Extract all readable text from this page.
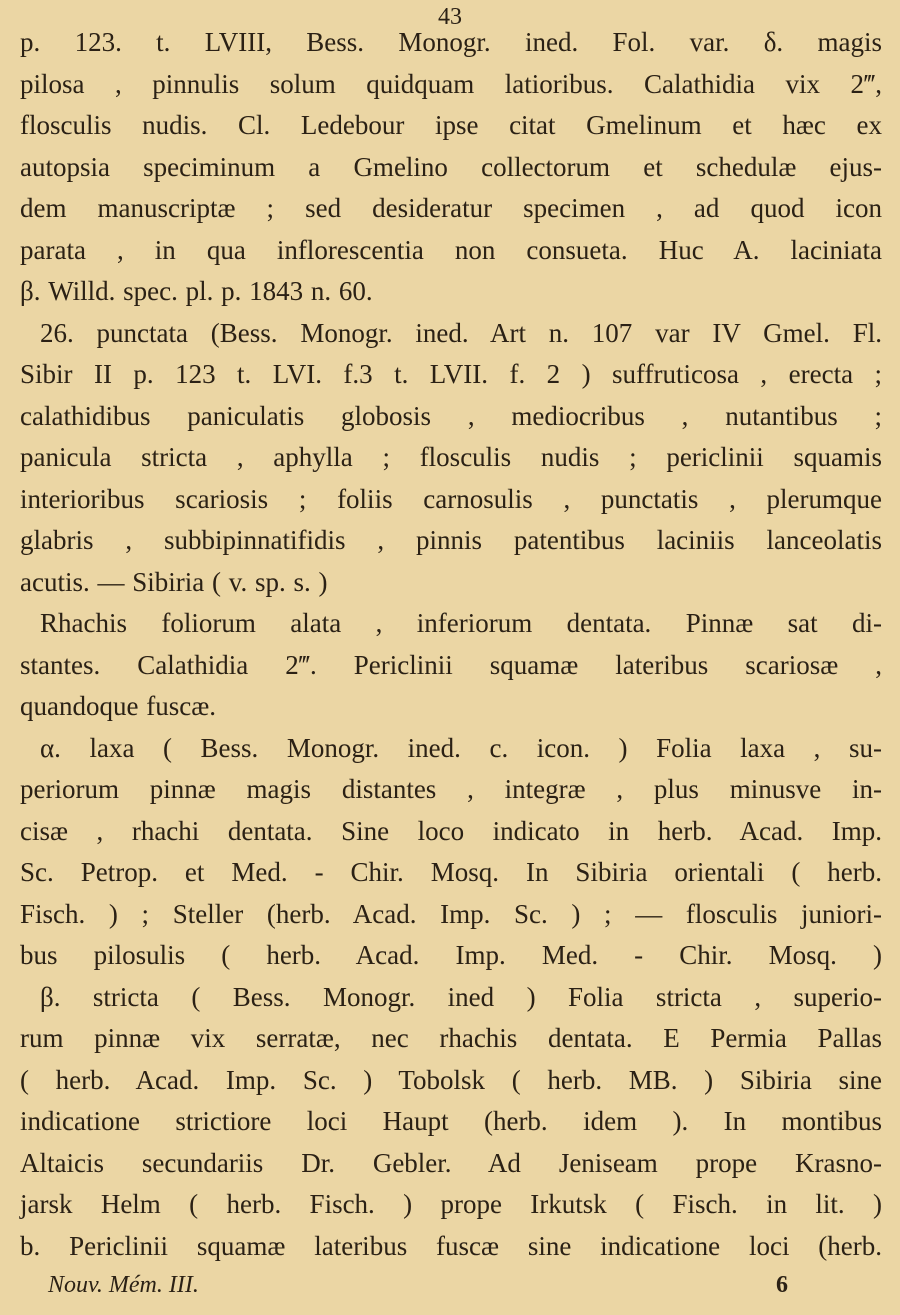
43
p. 123. t. LVIII, Bess. Monogr. ined. Fol. var. δ. magis
pilosa , pinnulis solum quidquam latioribus. Calathidia vix 2‴,
flosculis nudis. Cl. Ledebour ipse citat Gmelinum et hæc ex
autopsia speciminum a Gmelino collectorum et schedulæ ejus-
dem manuscriptæ ; sed desideratur specimen , ad quod icon
parata , in qua inflorescentia non consueta. Huc A. laciniata
β. Willd. spec. pl. p. 1843 n. 60.
26. punctata (Bess. Monogr. ined. Art n. 107 var IV Gmel. Fl.
Sibir II p. 123 t. LVI. f.3 t. LVII. f. 2 ) suffruticosa , erecta ;
calathidibus paniculatis globosis , mediocribus , nutantibus ;
panicula stricta , aphylla ; flosculis nudis ; periclinii squamis
interioribus scariosis ; foliis carnosulis , punctatis , plerumque
glabris , subbipinnatifidis , pinnis patentibus laciniis lanceolatis
acutis. — Sibiria ( v. sp. s. )
Rhachis foliorum alata , inferiorum dentata. Pinnæ sat di-
stantes. Calathidia 2‴. Periclinii squamæ lateribus scariosæ ,
quandoque fuscæ.
α. laxa ( Bess. Monogr. ined. c. icon. ) Folia laxa , su-
periorum pinnæ magis distantes , integræ , plus minusve in-
cisæ , rhachi dentata. Sine loco indicato in herb. Acad. Imp.
Sc. Petrop. et Med. - Chir. Mosq. In Sibiria orientali ( herb.
Fisch. ) ; Steller (herb. Acad. Imp. Sc. ) ; — flosculis juniori-
bus pilosulis ( herb. Acad. Imp. Med. - Chir. Mosq. )
β. stricta ( Bess. Monogr. ined ) Folia stricta , superio-
rum pinnæ vix serratæ, nec rhachis dentata. E Permia Pallas
( herb. Acad. Imp. Sc. ) Tobolsk ( herb. MB. ) Sibiria sine
indicatione strictiore loci Haupt (herb. idem ). In montibus
Altaicis secundariis Dr. Gebler. Ad Jeniseam prope Krasno-
jarsk Helm ( herb. Fisch. ) prope Irkutsk ( Fisch. in lit. )
b. Periclinii squamæ lateribus fuscæ sine indicatione loci (herb.
Nouv. Mém. III.	6
